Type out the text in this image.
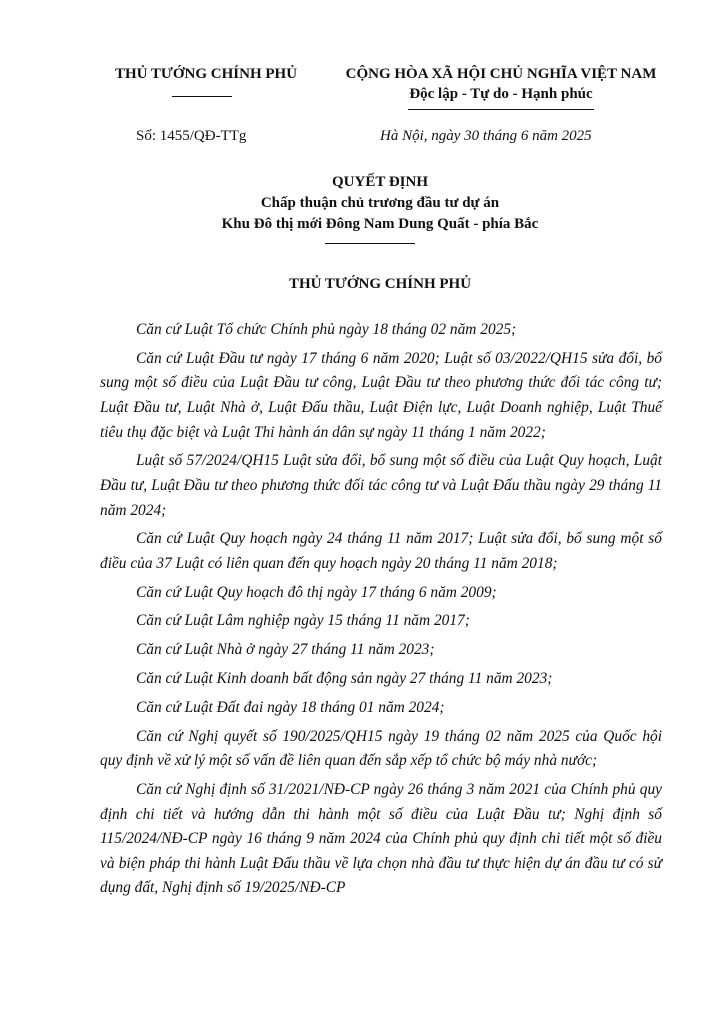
THỦ TƯỚNG CHÍNH PHỦ	CỘNG HÒA XÃ HỘI CHỦ NGHĨA VIỆT NAM
Độc lập - Tự do - Hạnh phúc
Số: 1455/QĐ-TTg	Hà Nội, ngày 30 tháng 6 năm 2025
QUYẾT ĐỊNH
Chấp thuận chủ trương đầu tư dự án
Khu Đô thị mới Đông Nam Dung Quất - phía Bắc
THỦ TƯỚNG CHÍNH PHỦ

Căn cứ Luật Tổ chức Chính phủ ngày 18 tháng 02 năm 2025;

Căn cứ Luật Đầu tư ngày 17 tháng 6 năm 2020; Luật số 03/2022/QH15 sửa đổi, bổ sung một số điều của Luật Đầu tư công, Luật Đầu tư theo phương thức đối tác công tư; Luật Đầu tư, Luật Nhà ở, Luật Đấu thầu, Luật Điện lực, Luật Doanh nghiệp, Luật Thuế tiêu thụ đặc biệt và Luật Thi hành án dân sự ngày 11 tháng 1 năm 2022;

Luật số 57/2024/QH15 Luật sửa đổi, bổ sung một số điều của Luật Quy hoạch, Luật Đầu tư, Luật Đầu tư theo phương thức đối tác công tư và Luật Đấu thầu ngày 29 tháng 11 năm 2024;

Căn cứ Luật Quy hoạch ngày 24 tháng 11 năm 2017; Luật sửa đổi, bổ sung một số điều của 37 Luật có liên quan đến quy hoạch ngày 20 tháng 11 năm 2018;

Căn cứ Luật Quy hoạch đô thị ngày 17 tháng 6 năm 2009;

Căn cứ Luật Lâm nghiệp ngày 15 tháng 11 năm 2017;

Căn cứ Luật Nhà ở ngày 27 tháng 11 năm 2023;

Căn cứ Luật Kinh doanh bất động sản ngày 27 tháng 11 năm 2023;

Căn cứ Luật Đất đai ngày 18 tháng 01 năm 2024;

Căn cứ Nghị quyết số 190/2025/QH15 ngày 19 tháng 02 năm 2025 của Quốc hội quy định về xử lý một số vấn đề liên quan đến sắp xếp tổ chức bộ máy nhà nước;

Căn cứ Nghị định số 31/2021/NĐ-CP ngày 26 tháng 3 năm 2021 của Chính phủ quy định chi tiết và hướng dẫn thi hành một số điều của Luật Đầu tư; Nghị định số 115/2024/NĐ-CP ngày 16 tháng 9 năm 2024 của Chính phủ quy định chi tiết một số điều và biện pháp thi hành Luật Đấu thầu về lựa chọn nhà đầu tư thực hiện dự án đầu tư có sử dụng đất, Nghị định số 19/2025/NĐ-CP
